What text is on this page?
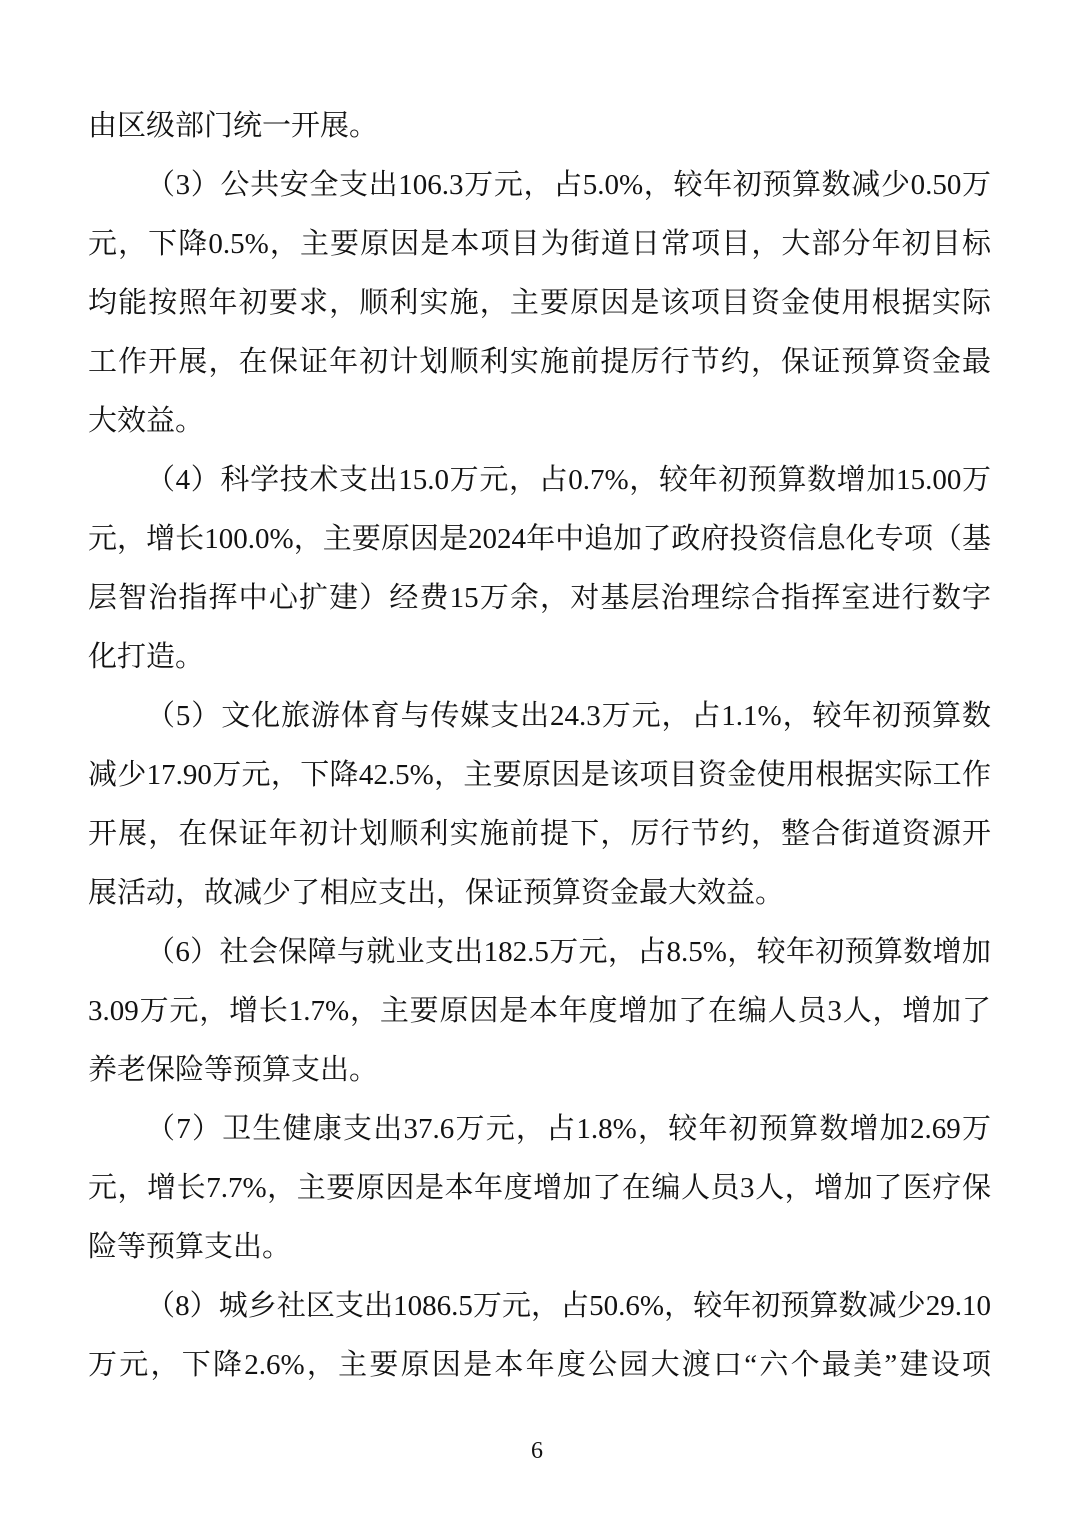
由区级部门统一开展。
（3）公共安全支出106.3万元，占5.0%，较年初预算数减少0.50万
元，下降0.5%，主要原因是本项目为街道日常项目，大部分年初目标
均能按照年初要求，顺利实施，主要原因是该项目资金使用根据实际
工作开展，在保证年初计划顺利实施前提厉行节约，保证预算资金最
大效益。
（4）科学技术支出15.0万元，占0.7%，较年初预算数增加15.00万
元，增长100.0%，主要原因是2024年中追加了政府投资信息化专项（基
层智治指挥中心扩建）经费15万余，对基层治理综合指挥室进行数字
化打造。
（5）文化旅游体育与传媒支出24.3万元，占1.1%，较年初预算数
减少17.90万元，下降42.5%，主要原因是该项目资金使用根据实际工作
开展，在保证年初计划顺利实施前提下，厉行节约，整合街道资源开
展活动，故减少了相应支出，保证预算资金最大效益。
（6）社会保障与就业支出182.5万元，占8.5%，较年初预算数增加
3.09万元，增长1.7%，主要原因是本年度增加了在编人员3人，增加了
养老保险等预算支出。
（7）卫生健康支出37.6万元，占1.8%，较年初预算数增加2.69万
元，增长7.7%，主要原因是本年度增加了在编人员3人，增加了医疗保
险等预算支出。
（8）城乡社区支出1086.5万元，占50.6%，较年初预算数减少29.10
万元，下降2.6%，主要原因是本年度公园大渡口“六个最美”建设项
6
